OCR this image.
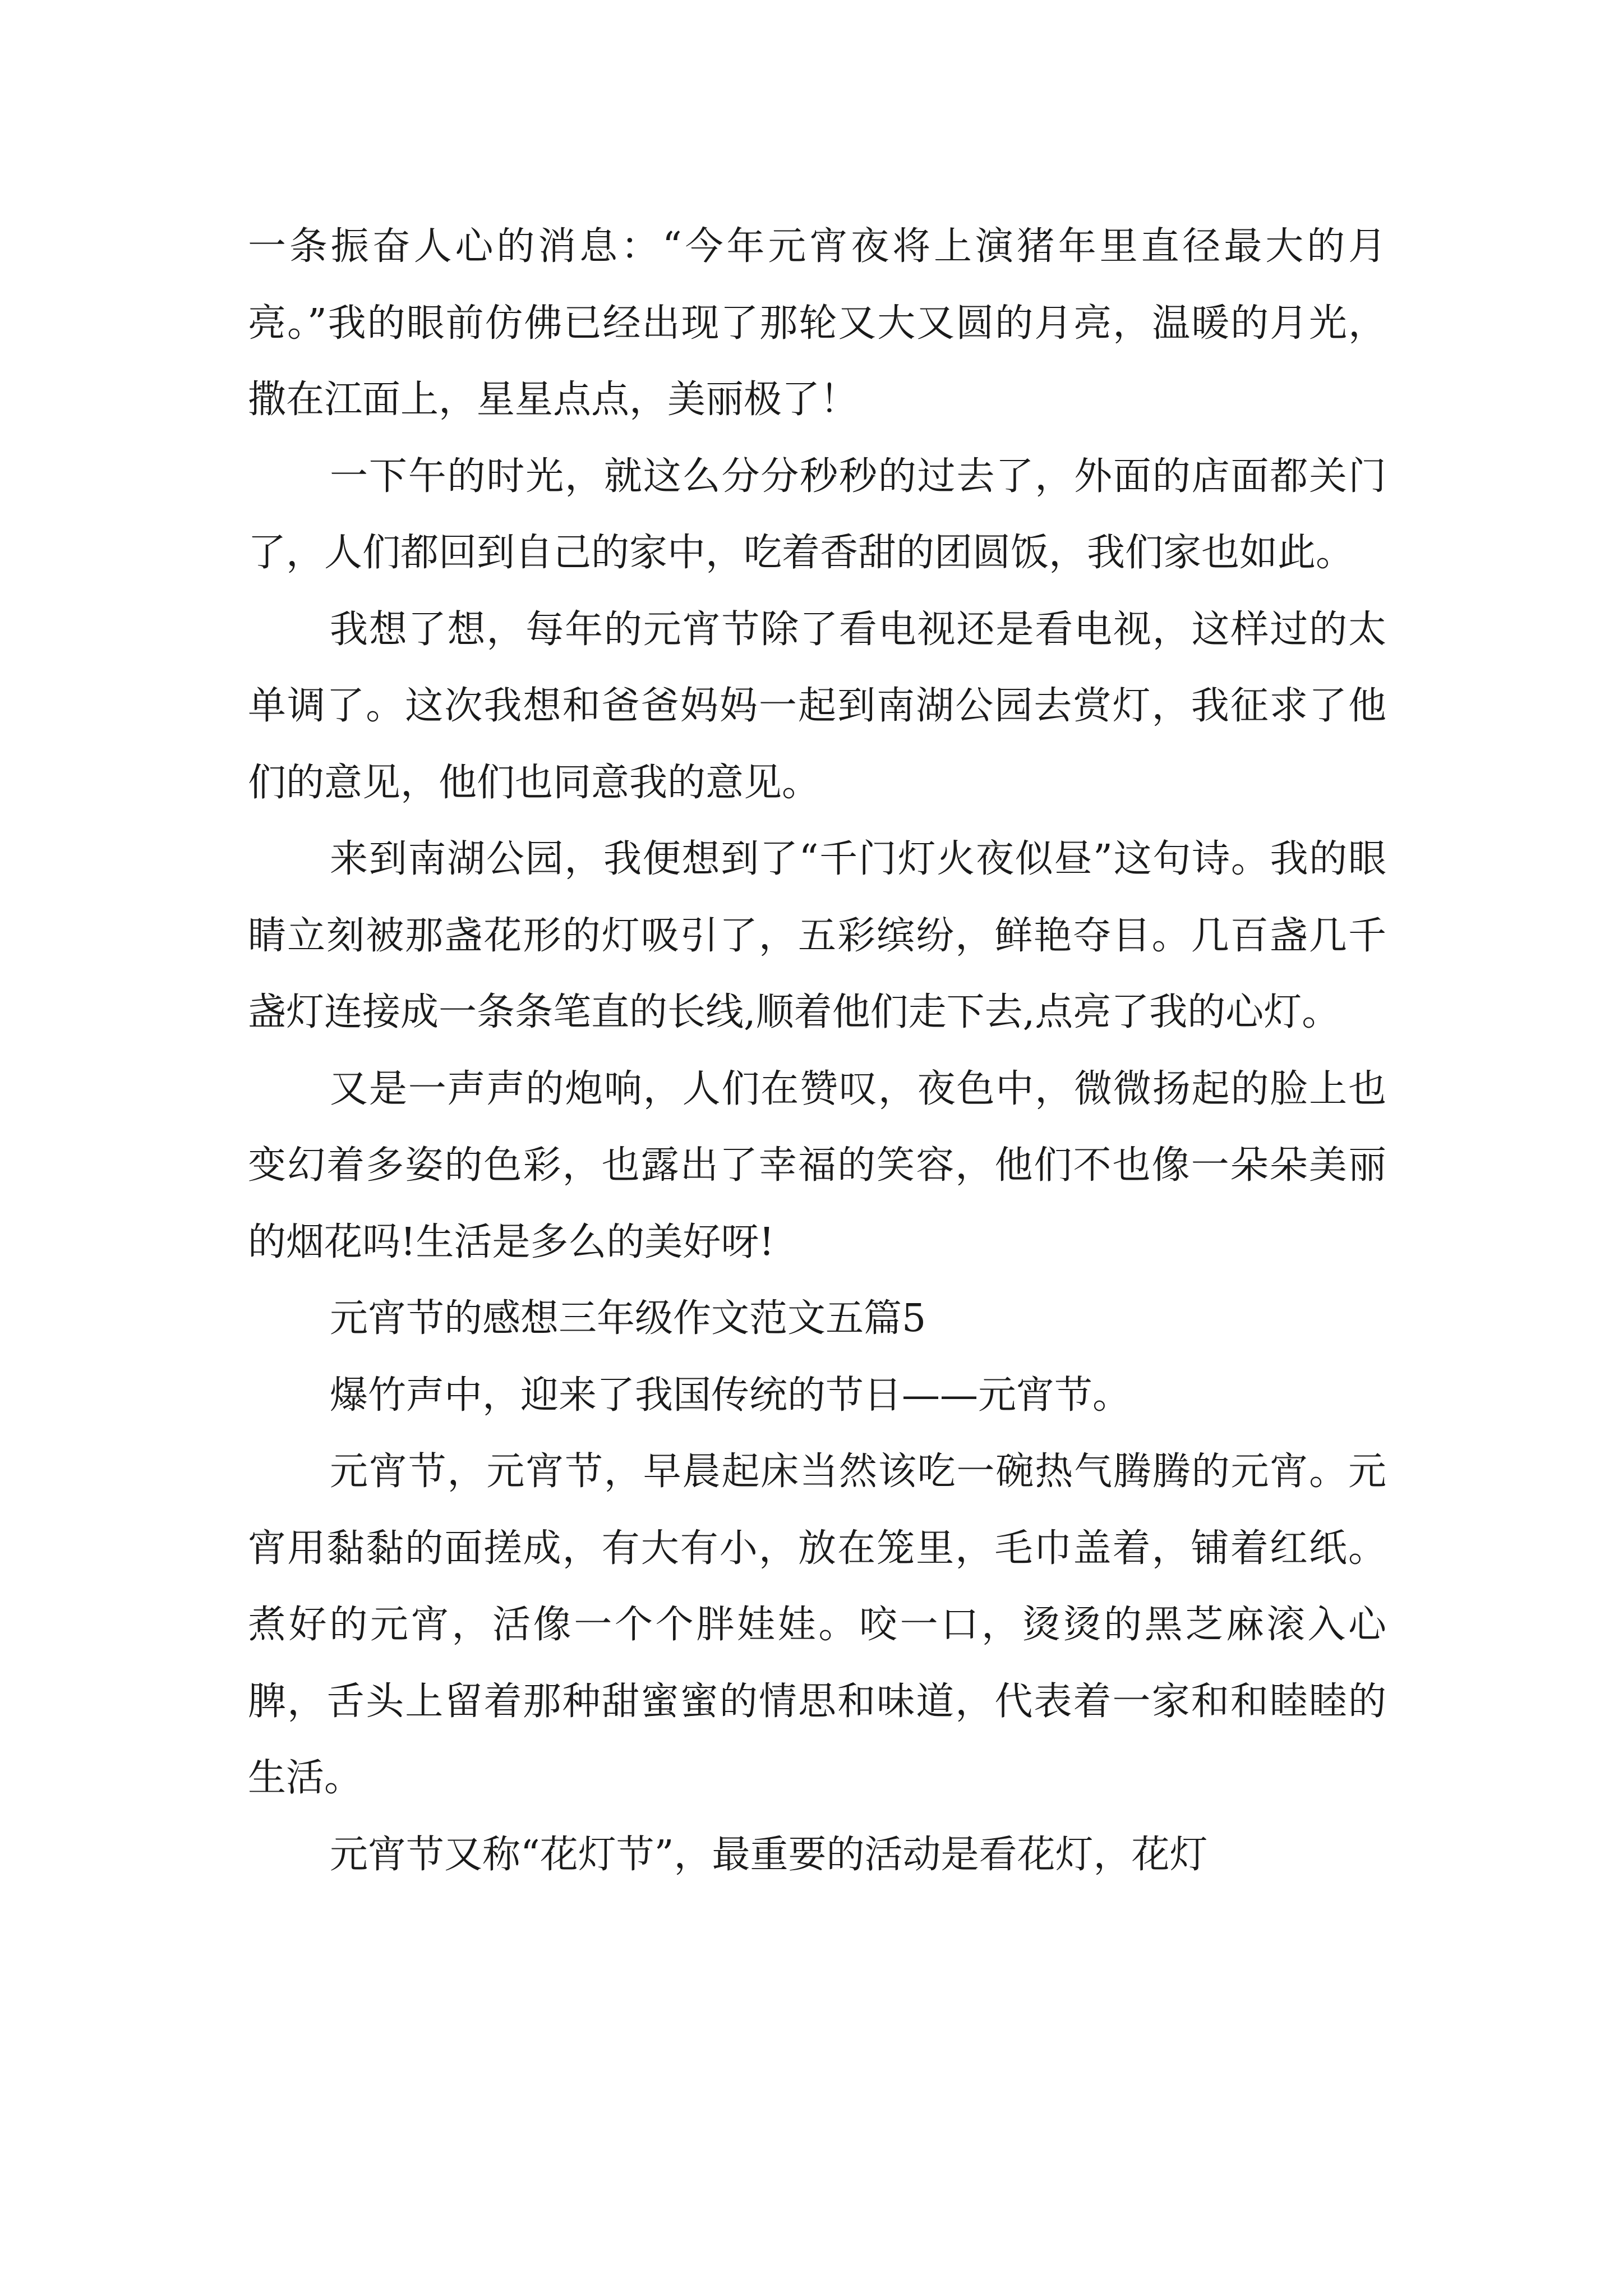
一条振奋人心的消息：“今年元宵夜将上演猪年里直径最大的月亮。”我的眼前仿佛已经出现了那轮又大又圆的月亮，温暖的月光，撒在江面上，星星点点，美丽极了！

一下午的时光，就这么分分秒秒的过去了，外面的店面都关门了，人们都回到自己的家中，吃着香甜的团圆饭，我们家也如此。

我想了想，每年的元宵节除了看电视还是看电视，这样过的太单调了。这次我想和爸爸妈妈一起到南湖公园去赏灯，我征求了他们的意见，他们也同意我的意见。

来到南湖公园，我便想到了“千门灯火夜似昼”这句诗。我的眼睛立刻被那盏花形的灯吸引了，五彩缤纷，鲜艳夺目。几百盏几千盏灯连接成一条条笔直的长线,顺着他们走下去,点亮了我的心灯。

又是一声声的炮响，人们在赞叹，夜色中，微微扬起的脸上也变幻着多姿的色彩，也露出了幸福的笑容，他们不也像一朵朵美丽的烟花吗!生活是多么的美好呀!

元宵节的感想三年级作文范文五篇5

爆竹声中，迎来了我国传统的节日——元宵节。

元宵节，元宵节，早晨起床当然该吃一碗热气腾腾的元宵。元宵用黏黏的面搓成，有大有小，放在笼里，毛巾盖着，铺着红纸。煮好的元宵，活像一个个胖娃娃。咬一口，烫烫的黑芝麻滚入心脾，舌头上留着那种甜蜜蜜的情思和味道，代表着一家和和睦睦的生活。

元宵节又称“花灯节”，最重要的活动是看花灯，花灯
